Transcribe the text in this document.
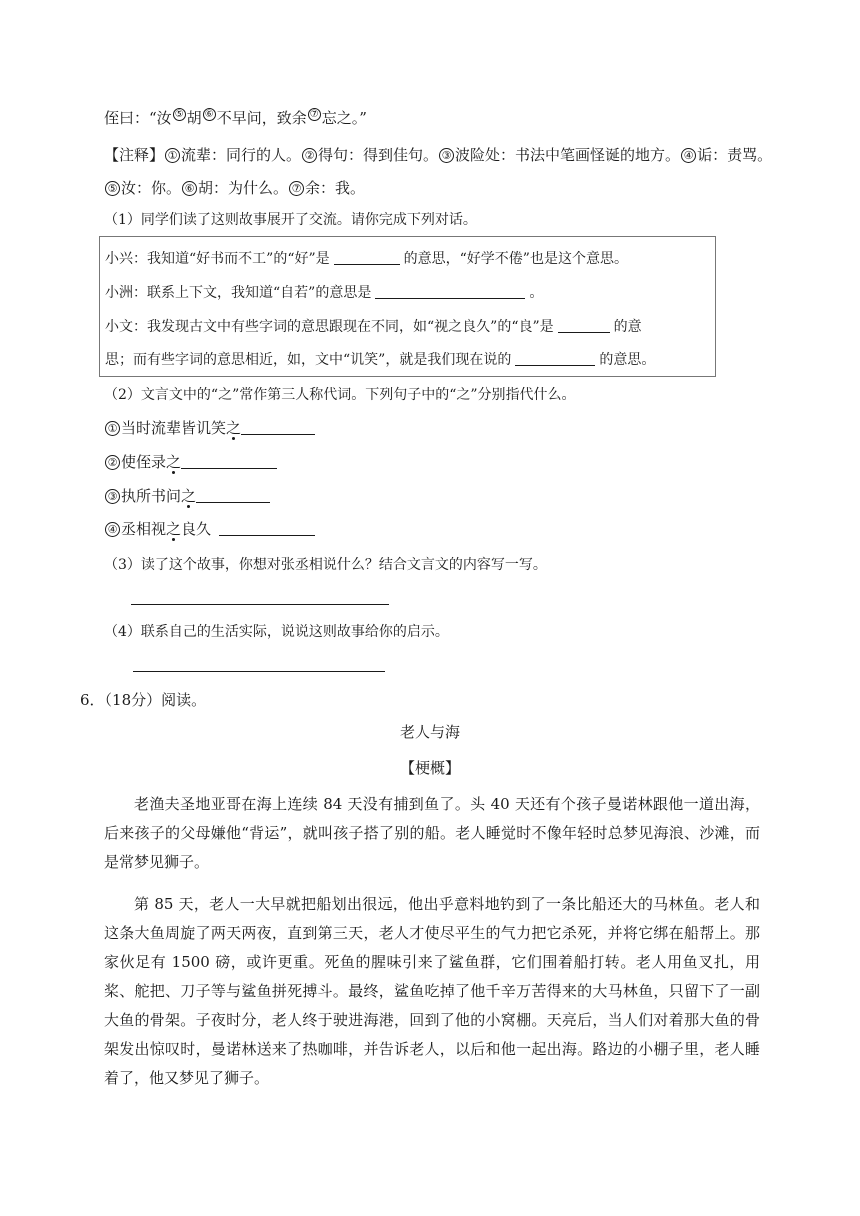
侄曰：“汝 ⑤ 胡 ⑥ 不早问，致余 ⑦ 忘之。”
【注释】 ① 流辈：同行的人。 ② 得句：得到佳句。 ③ 波险处：书法中笔画怪诞的地方。 ④ 诟：责骂。
⑤ 汝：你。 ⑥ 胡：为什么。 ⑦ 余：我。
（1）同学们读了这则故事展开了交流。请你完成下列对话。
小兴：我知道“好书而不工”的“好”是	的意思，“好学不倦”也是这个意思。
小洲：联系上下文，我知道“自若”的意思是	。
小文：我发现古文中有些字词的意思跟现在不同，如“视之良久”的“良”是	的意
思；而有些字词的意思相近，如，文中“讥笑”，就是我们现在说的	的意思。
（2）文言文中的“之”常作第三人称代词。下列句子中的“之”分别指代什么。
① 当时流辈皆讥笑之
② 使侄录之
③ 执所书问之
④ 丞相视之良久
（3）读了这个故事，你想对张丞相说什么？结合文言文的内容写一写。
（4）联系自己的生活实际，说说这则故事给你的启示。
6．（18分）阅读。
老人与海
【梗概】
老渔夫圣地亚哥在海上连续 84 天没有捕到鱼了。头 40 天还有个孩子曼诺林跟他一道出海，后来孩子的父母嫌他“背运”，就叫孩子搭了别的船。老人睡觉时不像年轻时总梦见海浪、沙滩，而是常梦见狮子。
第 85 天，老人一大早就把船划出很远，他出乎意料地钓到了一条比船还大的马林鱼。老人和这条大鱼周旋了两天两夜，直到第三天，老人才使尽平生的气力把它杀死，并将它绑在船帮上。那家伙足有 1500 磅，或许更重。死鱼的腥味引来了鲨鱼群，它们围着船打转。老人用鱼叉扎，用桨、舵把、刀子等与鲨鱼拼死搏斗。最终，鲨鱼吃掉了他千辛万苦得来的大马林鱼，只留下了一副大鱼的骨架。子夜时分，老人终于驶进海港，回到了他的小窝棚。天亮后，当人们对着那大鱼的骨架发出惊叹时，曼诺林送来了热咖啡，并告诉老人，以后和他一起出海。路边的小棚子里，老人睡着了，他又梦见了狮子。
